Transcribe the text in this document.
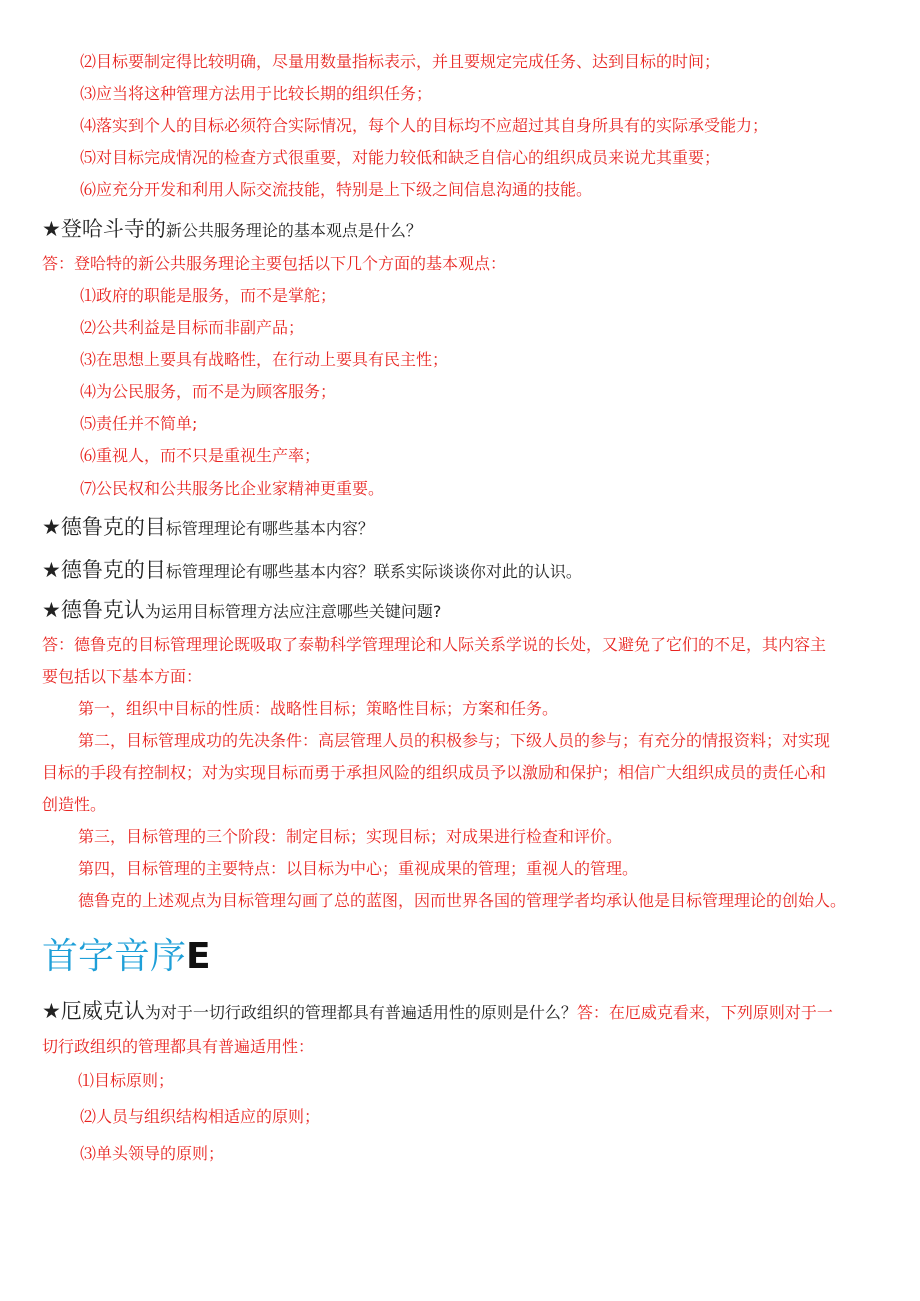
⑵目标要制定得比较明确，尽量用数量指标表示，并且要规定完成任务、达到目标的时间；
⑶应当将这种管理方法用于比较长期的组织任务；
⑷落实到个人的目标必须符合实际情况，每个人的目标均不应超过其自身所具有的实际承受能力；
⑸对目标完成情况的检查方式很重要，对能力较低和缺乏自信心的组织成员来说尤其重要；
⑹应充分开发和利用人际交流技能，特别是上下级之间信息沟通的技能。
★登哈斗寺的新公共服务理论的基本观点是什么？
答：登哈特的新公共服务理论主要包括以下几个方面的基本观点：
⑴政府的职能是服务，而不是掌舵；
⑵公共利益是目标而非副产品；
⑶在思想上要具有战略性，在行动上要具有民主性；
⑷为公民服务，而不是为顾客服务；
⑸责任并不简单;
⑹重视人，而不只是重视生产率；
⑺公民权和公共服务比企业家精神更重要。
★德鲁克的目标管理理论有哪些基本内容？
★德鲁克的目标管理理论有哪些基本内容？联系实际谈谈你对此的认识。
★德鲁克认为运用目标管理方法应注意哪些关键问题?
答：德鲁克的目标管理理论既吸取了泰勒科学管理理论和人际关系学说的长处，又避免了它们的不足，其内容主
要包括以下基本方面：
第一，组织中目标的性质：战略性目标；策略性目标；方案和任务。
第二，目标管理成功的先决条件：高层管理人员的积极参与；下级人员的参与；有充分的情报资料；对实现
目标的手段有控制权；对为实现目标而勇于承担风险的组织成员予以激励和保护；相信广大组织成员的责任心和
创造性。
第三，目标管理的三个阶段：制定目标；实现目标；对成果进行检查和评价。
第四，目标管理的主要特点：以目标为中心；重视成果的管理；重视人的管理。
德鲁克的上述观点为目标管理勾画了总的蓝图，因而世界各国的管理学者均承认他是目标管理理论的创始人。
首字音序E
★厄威克认为对于一切行政组织的管理都具有普遍适用性的原则是什么？答：在厄威克看来，下列原则对于一
切行政组织的管理都具有普遍适用性：
⑴目标原则；
⑵人员与组织结构相适应的原则；
⑶单头领导的原则；
